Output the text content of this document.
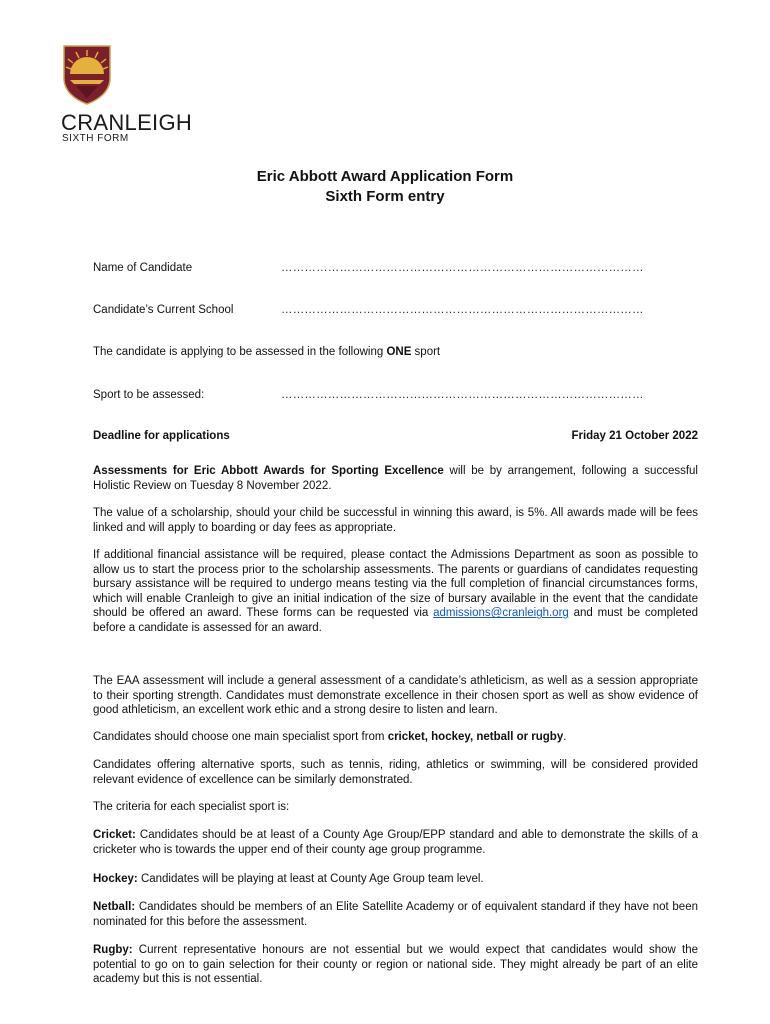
CRANLEIGH
SIXTH FORM
Eric Abbott Award Application Form
Sixth Form entry
Name of Candidate	…………………………………………………………………………………
Candidate’s Current School	…………………………………………………………………………………
The candidate is applying to be assessed in the following ONE sport
Sport to be assessed:	…………………………………………………………………………………
Deadline for applications	Friday 21 October 2022
Assessments for Eric Abbott Awards for Sporting Excellence will be by arrangement, following a successful Holistic Review on Tuesday 8 November 2022.
The value of a scholarship, should your child be successful in winning this award, is 5%. All awards made will be fees linked and will apply to boarding or day fees as appropriate.
If additional financial assistance will be required, please contact the Admissions Department as soon as possible to allow us to start the process prior to the scholarship assessments. The parents or guardians of candidates requesting bursary assistance will be required to undergo means testing via the full completion of financial circumstances forms, which will enable Cranleigh to give an initial indication of the size of bursary available in the event that the candidate should be offered an award. These forms can be requested via admissions@cranleigh.org and must be completed before a candidate is assessed for an award.
The EAA assessment will include a general assessment of a candidate’s athleticism, as well as a session appropriate to their sporting strength. Candidates must demonstrate excellence in their chosen sport as well as show evidence of good athleticism, an excellent work ethic and a strong desire to listen and learn.
Candidates should choose one main specialist sport from cricket, hockey, netball or rugby.
Candidates offering alternative sports, such as tennis, riding, athletics or swimming, will be considered provided relevant evidence of excellence can be similarly demonstrated.
The criteria for each specialist sport is:
Cricket: Candidates should be at least of a County Age Group/EPP standard and able to demonstrate the skills of a cricketer who is towards the upper end of their county age group programme.
Hockey: Candidates will be playing at least at County Age Group team level.
Netball: Candidates should be members of an Elite Satellite Academy or of equivalent standard if they have not been nominated for this before the assessment.
Rugby: Current representative honours are not essential but we would expect that candidates would show the potential to go on to gain selection for their county or region or national side. They might already be part of an elite academy but this is not essential.
